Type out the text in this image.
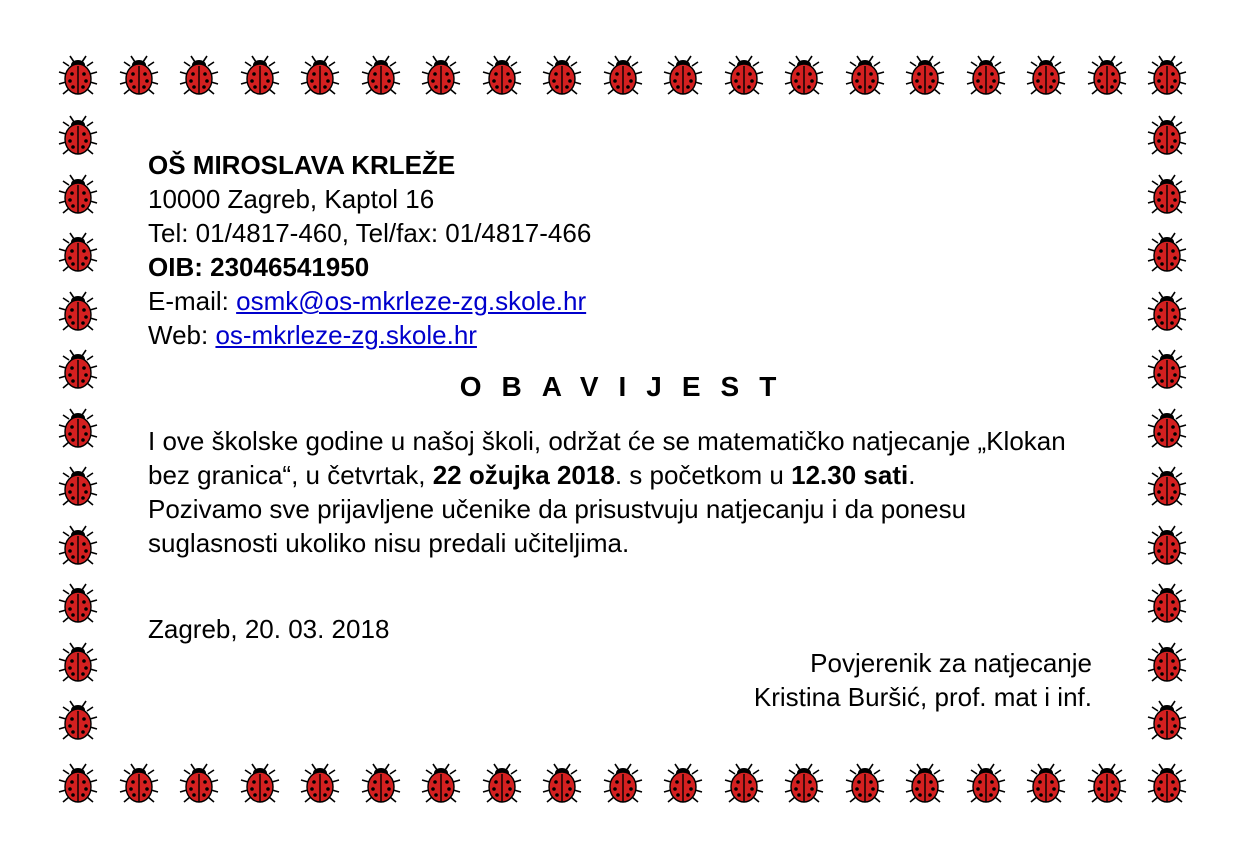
OŠ MIROSLAVA KRLEŽE
10000 Zagreb, Kaptol 16
Tel: 01/4817-460, Tel/fax: 01/4817-466
OIB: 23046541950
E-mail: osmk@os-mkrleze-zg.skole.hr
Web: os-mkrleze-zg.skole.hr
OBAVIJEST
I ove školske godine u našoj školi, održat će se matematičko natjecanje „Klokan bez granica“, u četvrtak, 22 ožujka 2018. s početkom u 12.30 sati.
Pozivamo sve prijavljene učenike da prisustvuju natjecanju i da ponesu suglasnosti ukoliko nisu predali učiteljima.
Zagreb, 20. 03. 2018
Povjerenik za natjecanje
Kristina Buršić, prof. mat i inf.
